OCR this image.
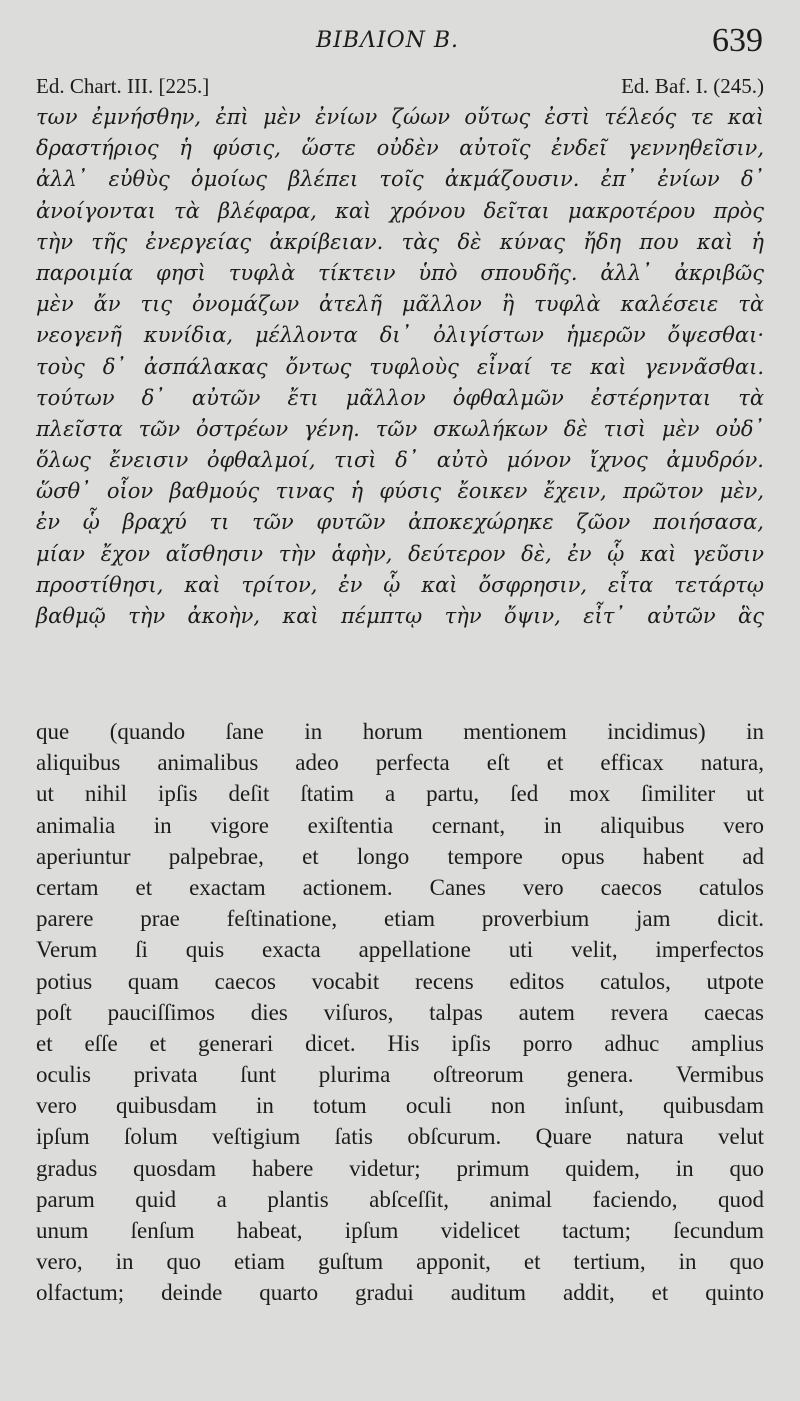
ΒΙΒΛΙΟΝ Β.	639
Ed. Chart. III. [225.]	Ed. Baf. I. (245.)
των ἐμνήσθην, ἐπὶ μὲν ἐνίων ζώων οὕτως ἐστὶ τέλεός τε καὶ
δραστήριος ἡ φύσις, ὥστε οὐδὲν αὐτοῖς ἐνδεῖ γεννηθεῖσιν,
ἀλλ᾽ εὐθὺς ὁμοίως βλέπει τοῖς ἀκμάζουσιν. ἐπ᾽ ἐνίων δ᾽
ἀνοίγονται τὰ βλέφαρα, καὶ χρόνου δεῖται μακροτέρου πρὸς
τὴν τῆς ἐνεργείας ἀκρίβειαν. τὰς δὲ κύνας ἤδη που καὶ ἡ
παροιμία φησὶ τυφλὰ τίκτειν ὑπὸ σπουδῆς. ἀλλ᾽ ἀκριβῶς
μὲν ἄν τις ὀνομάζων ἀτελῆ μᾶλλον ἢ τυφλὰ καλέσειε τὰ
νεογενῆ κυνίδια, μέλλοντα δι᾽ ὀλιγίστων ἡμερῶν ὄψεσθαι·
τοὺς δ᾽ ἀσπάλακας ὄντως τυφλοὺς εἶναί τε καὶ γεννᾶσθαι.
τούτων δ᾽ αὐτῶν ἔτι μᾶλλον ὀφθαλμῶν ἐστέρηνται τὰ
πλεῖστα τῶν ὀστρέων γένη. τῶν σκωλήκων δὲ τισὶ μὲν οὐδ᾽
ὅλως ἔνεισιν ὀφθαλμοί, τισὶ δ᾽ αὐτὸ μόνον ἴχνος ἀμυδρόν.
ὥσθ᾽ οἷον βαθμούς τινας ἡ φύσις ἔοικεν ἔχειν, πρῶτον μὲν,
ἐν ᾧ βραχύ τι τῶν φυτῶν ἀποκεχώρηκε ζῶον ποιήσασα,
μίαν ἔχον αἴσθησιν τὴν ἁφὴν, δεύτερον δὲ, ἐν ᾧ καὶ γεῦσιν
προστίθησι, καὶ τρίτον, ἐν ᾧ καὶ ὄσφρησιν, εἶτα τετάρτῳ
βαθμῷ τὴν ἀκοὴν, καὶ πέμπτῳ τὴν ὄψιν, εἶτ᾽ αὐτῶν ἃς
que (quando ſane in horum mentionem incidimus) in
aliquibus animalibus adeo perfecta eſt et efficax natura,
ut nihil ipſis deſit ſtatim a partu, ſed mox ſimiliter ut
animalia in vigore exiſtentia cernant, in aliquibus vero
aperiuntur palpebrae, et longo tempore opus habent ad
certam et exactam actionem. Canes vero caecos catulos
parere prae feſtinatione, etiam proverbium jam dicit.
Verum ſi quis exacta appellatione uti velit, imperfectos
potius quam caecos vocabit recens editos catulos, utpote
poſt pauciſſimos dies viſuros, talpas autem revera caecas
et eſſe et generari dicet. His ipſis porro adhuc amplius
oculis privata ſunt plurima oſtreorum genera. Vermibus
vero quibusdam in totum oculi non inſunt, quibusdam
ipſum ſolum veſtigium ſatis obſcurum. Quare natura velut
gradus quosdam habere videtur; primum quidem, in quo
parum quid a plantis abſceſſit, animal faciendo, quod
unum ſenſum habeat, ipſum videlicet tactum; ſecundum
vero, in quo etiam guſtum apponit, et tertium, in quo
olfactum; deinde quarto gradui auditum addit, et quinto
